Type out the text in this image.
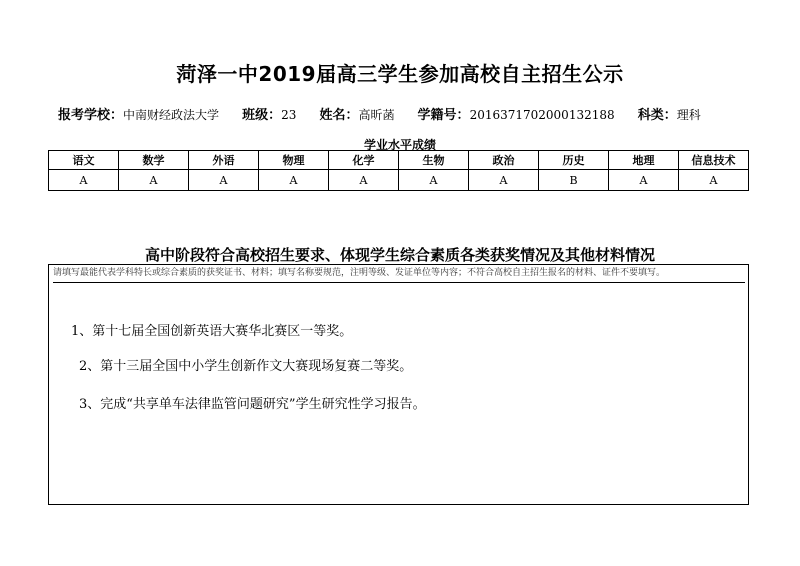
菏泽一中2019届高三学生参加高校自主招生公示
报考学校：中南财经政法大学 班级：23 姓名：高昕菡 学籍号：2016371702000132188 科类：理科
学业水平成绩
语文	数学	外语	物理	化学	生物	政治	历史	地理	信息技术
A	A	A	A	A	A	A	B	A	A
高中阶段符合高校招生要求、体现学生综合素质各类获奖情况及其他材料情况
请填写最能代表学科特长或综合素质的获奖证书、材料；填写名称要规范，注明等级、发证单位等内容；不符合高校自主招生报名的材料、证件不要填写。
1、第十七届全国创新英语大赛华北赛区一等奖。
2、第十三届全国中小学生创新作文大赛现场复赛二等奖。
3、完成“共享单车法律监管问题研究”学生研究性学习报告。
